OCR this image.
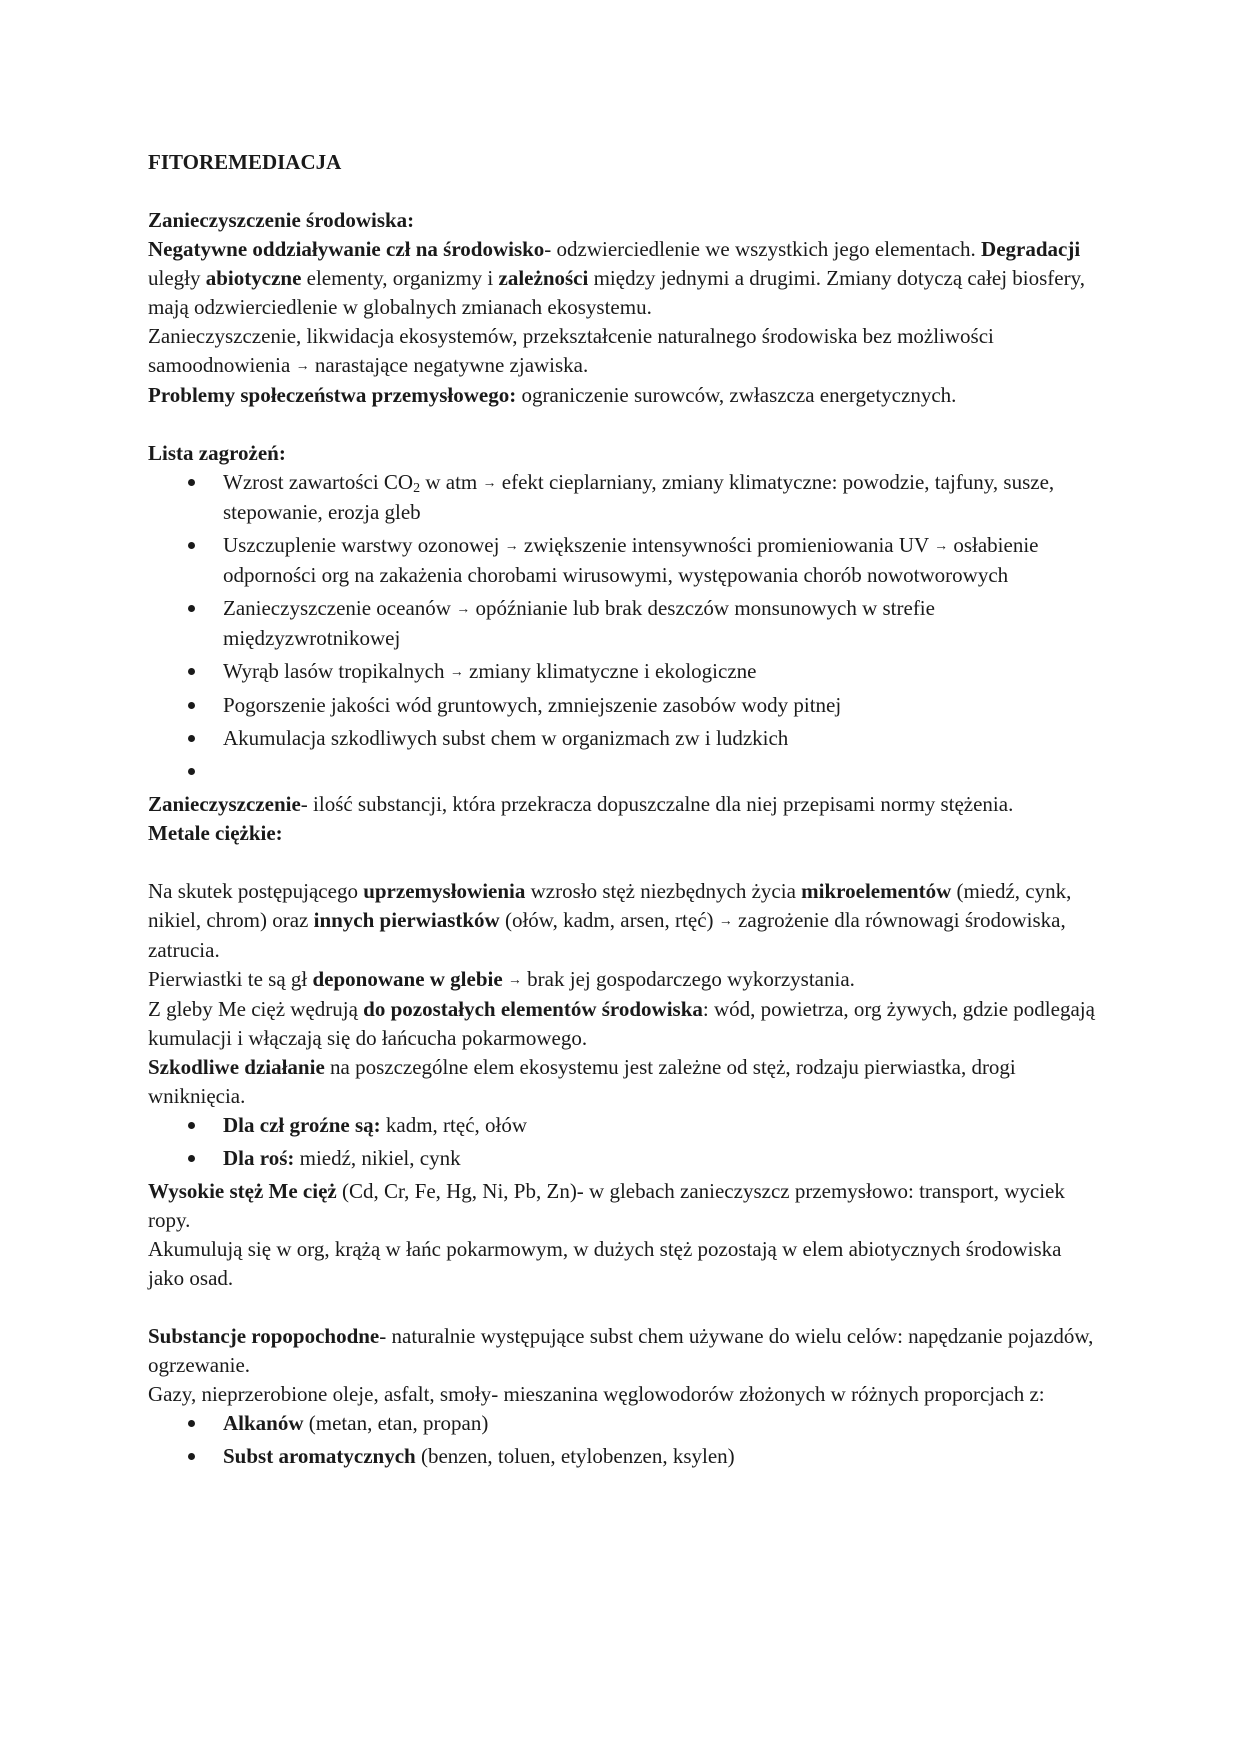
FITOREMEDIACJA

Zanieczyszczenie środowiska:

Negatywne oddziaływanie czł na środowisko- odzwierciedlenie we wszystkich jego elementach. Degradacji uległy abiotyczne elementy, organizmy i zależności między jednymi a drugimi. Zmiany dotyczą całej biosfery, mają odzwierciedlenie w globalnych zmianach ekosystemu.

Zanieczyszczenie, likwidacja ekosystemów, przekształcenie naturalnego środowiska bez możliwości samoodnowienia → narastające negatywne zjawiska.

Problemy społeczeństwa przemysłowego: ograniczenie surowców, zwłaszcza energetycznych.

Lista zagrożeń:

Wzrost zawartości $CO_2$ w atm → efekt cieplarniany, zmiany klimatyczne: powodzie, tajfuny, susze, stepowanie, erozja gleb
Uszczuplenie warstwy ozonowej → zwiększenie intensywności promieniowania UV → osłabienie odporności org na zakażenia chorobami wirusowymi, występowania chorób nowotworowych
Zanieczyszczenie oceanów → opóźnianie lub brak deszczów monsunowych w strefie międzyzwrotnikowej
Wyrąb lasów tropikalnych → zmiany klimatyczne i ekologiczne
Pogorszenie jakości wód gruntowych, zmniejszenie zasobów wody pitnej
Akumulacja szkodliwych subst chem w organizmach zw i ludzkich

Zanieczyszczenie- ilość substancji, która przekracza dopuszczalne dla niej przepisami normy stężenia.

Metale ciężkie:

Na skutek postępującego uprzemysłowienia wzrosło stęż niezbędnych życia mikroelementów (miedź, cynk, nikiel, chrom) oraz innych pierwiastków (ołów, kadm, arsen, rtęć) → zagrożenie dla równowagi środowiska, zatrucia.

Pierwiastki te są gł deponowane w glebie → brak jej gospodarczego wykorzystania.

Z gleby Me cięż wędrują do pozostałych elementów środowiska: wód, powietrza, org żywych, gdzie podlegają kumulacji i włączają się do łańcucha pokarmowego.

Szkodliwe działanie na poszczególne elem ekosystemu jest zależne od stęż, rodzaju pierwiastka, drogi wniknięcia.

Dla czł groźne są: kadm, rtęć, ołów
Dla roś: miedź, nikiel, cynk

Wysokie stęż Me cięż (Cd, Cr, Fe, Hg, Ni, Pb, Zn)- w glebach zanieczyszcz przemysłowo: transport, wyciek ropy.

Akumulują się w org, krążą w łańc pokarmowym, w dużych stęż pozostają w elem abiotycznych środowiska jako osad.

Substancje ropopochodne- naturalnie występujące subst chem używane do wielu celów: napędzanie pojazdów, ogrzewanie.

Gazy, nieprzerobione oleje, asfalt, smoły- mieszanina węglowodorów złożonych w różnych proporcjach z:

Alkanów (metan, etan, propan)
Subst aromatycznych (benzen, toluen, etylobenzen, ksylen)
